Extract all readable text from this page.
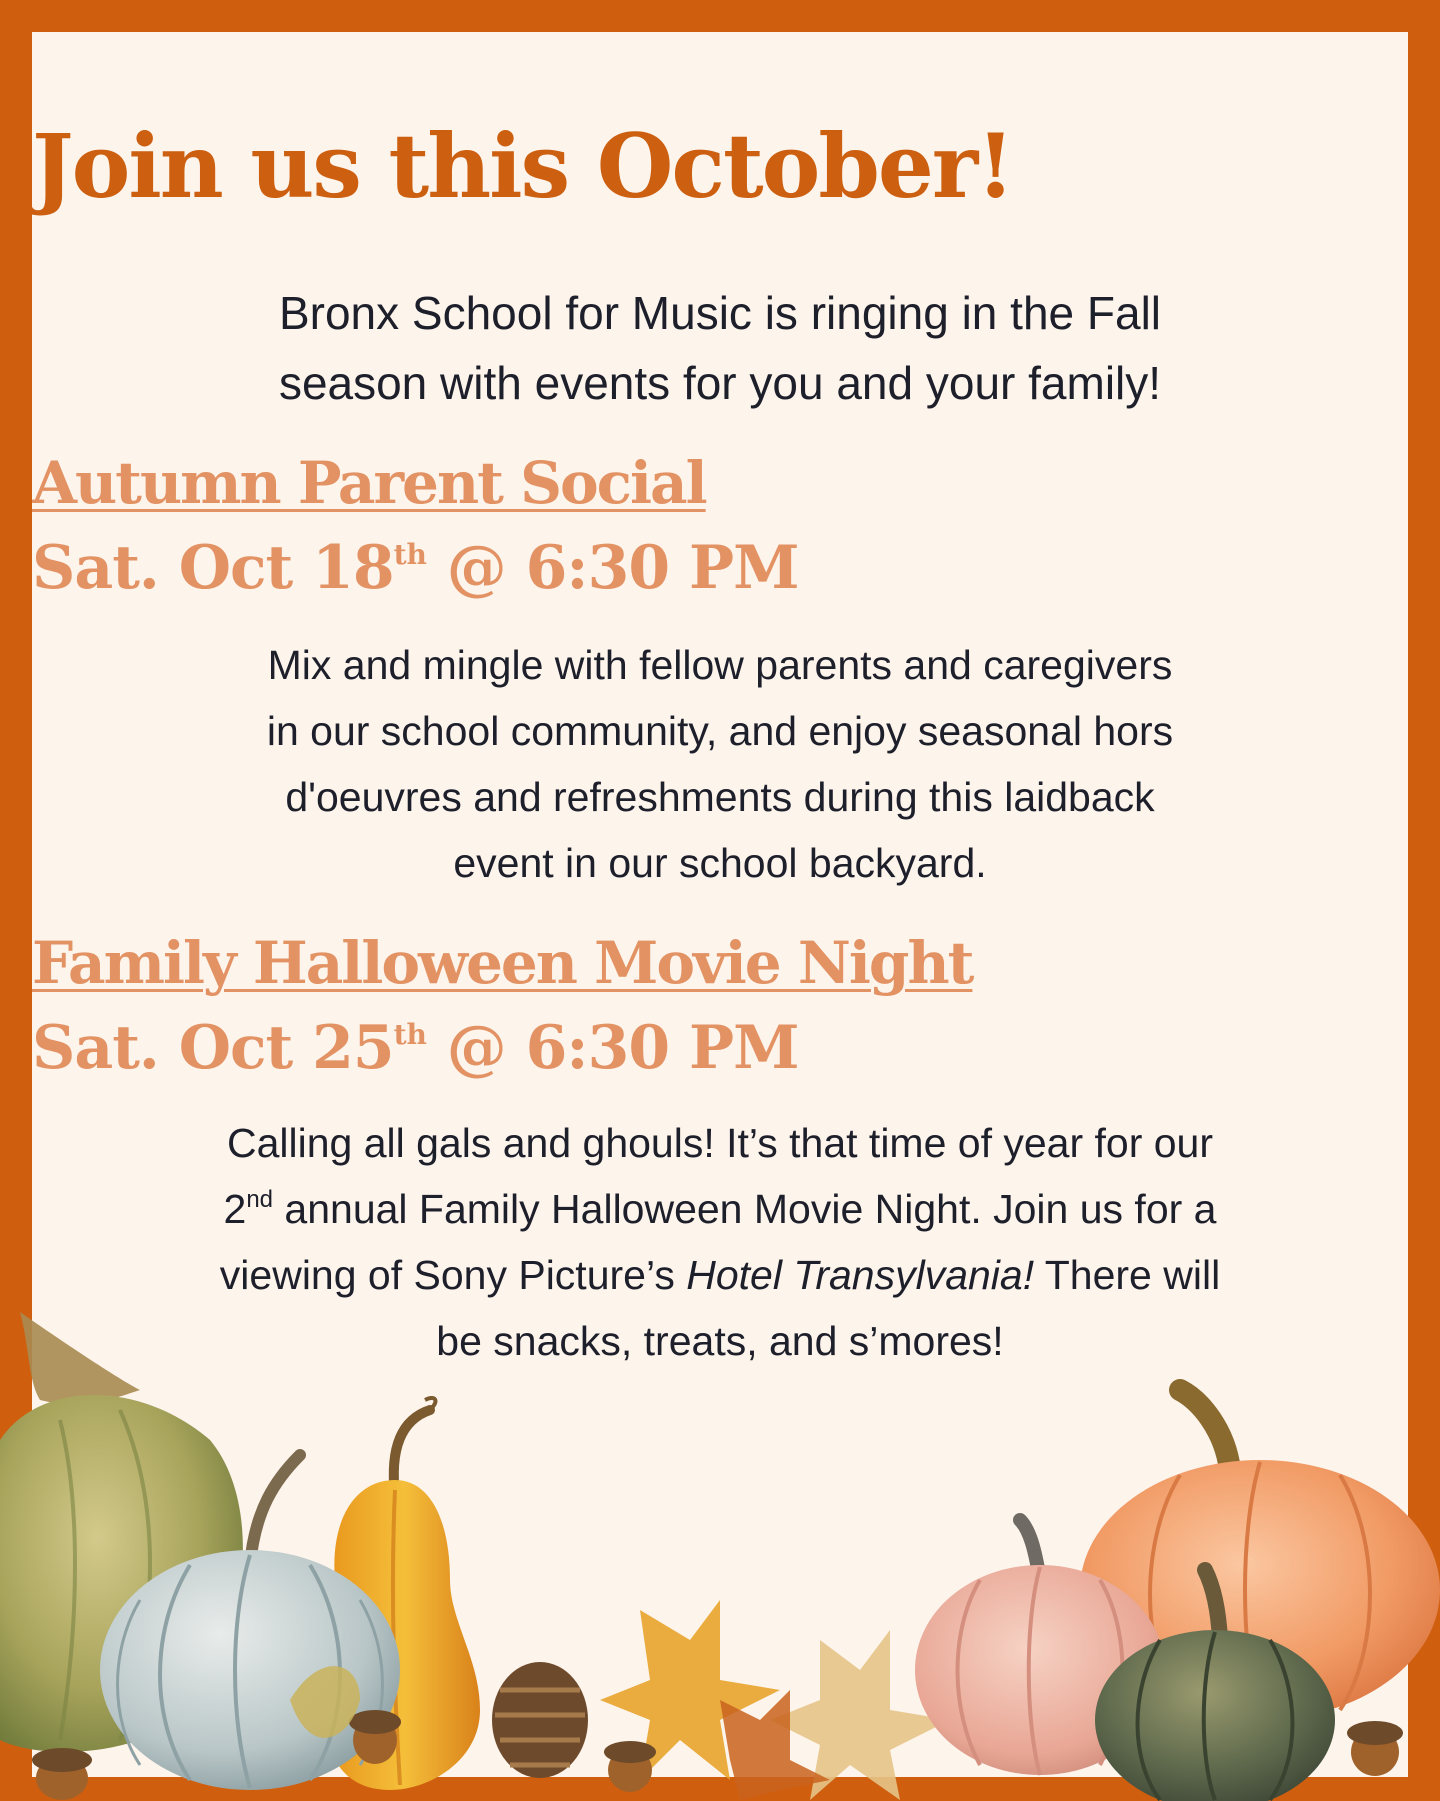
Join us this October!
Bronx School for Music is ringing in the Fall
season with events for you and your family!
Autumn Parent Social
Sat. Oct 18th @ 6:30 PM
Mix and mingle with fellow parents and caregivers
in our school community, and enjoy seasonal hors
d'oeuvres and refreshments during this laidback
event in our school backyard.
Family Halloween Movie Night
Sat. Oct 25th @ 6:30 PM
Calling all gals and ghouls! It’s that time of year for our
2nd annual Family Halloween Movie Night. Join us for a
viewing of Sony Picture’s Hotel Transylvania! There will
be snacks, treats, and s’mores!
